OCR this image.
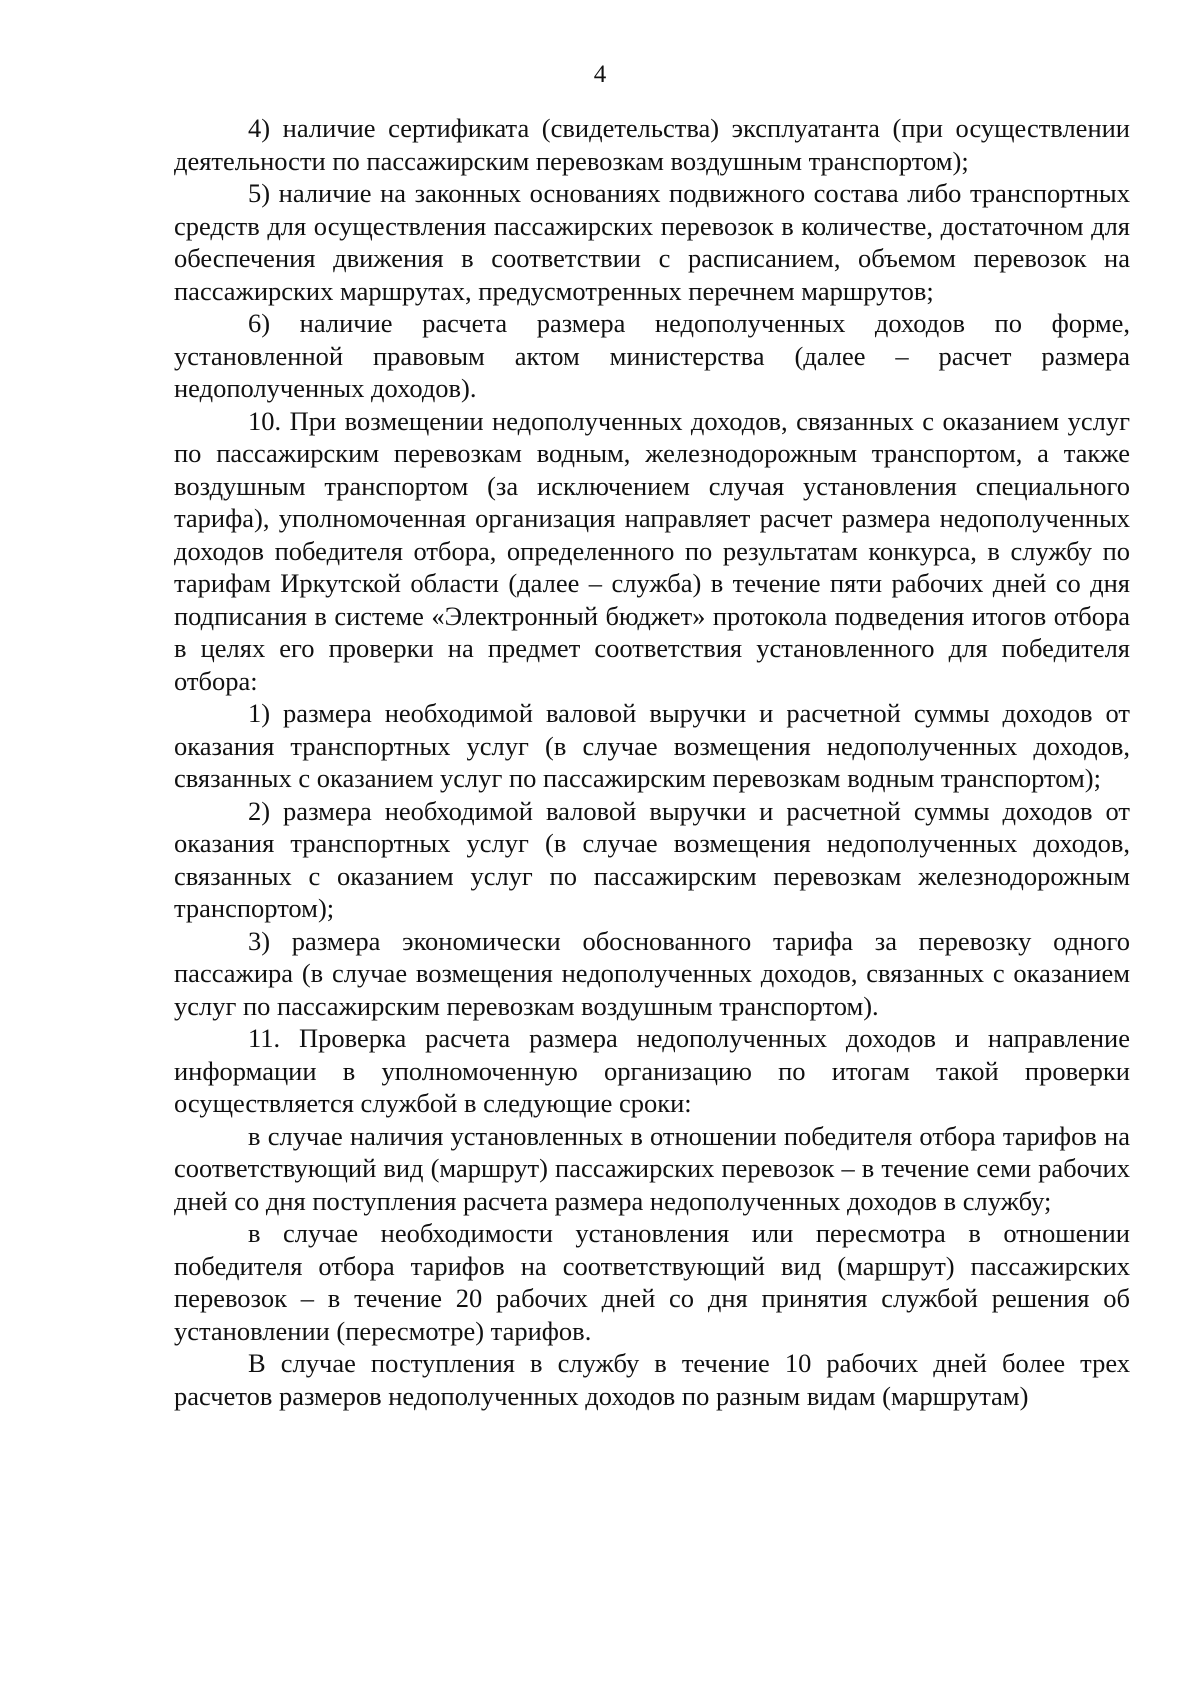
4

4) наличие сертификата (свидетельства) эксплуатанта (при осуществлении деятельности по пассажирским перевозкам воздушным транспортом);

5) наличие на законных основаниях подвижного состава либо транспортных средств для осуществления пассажирских перевозок в количестве, достаточном для обеспечения движения в соответствии с расписанием, объемом перевозок на пассажирских маршрутах, предусмотренных перечнем маршрутов;

6) наличие расчета размера недополученных доходов по форме, установленной правовым актом министерства (далее – расчет размера недополученных доходов).

10. При возмещении недополученных доходов, связанных с оказанием услуг по пассажирским перевозкам водным, железнодорожным транспортом, а также воздушным транспортом (за исключением случая установления специального тарифа), уполномоченная организация направляет расчет размера недополученных доходов победителя отбора, определенного по результатам конкурса, в службу по тарифам Иркутской области (далее – служба) в течение пяти рабочих дней со дня подписания в системе «Электронный бюджет» протокола подведения итогов отбора в целях его проверки на предмет соответствия установленного для победителя отбора:

1) размера необходимой валовой выручки и расчетной суммы доходов от оказания транспортных услуг (в случае возмещения недополученных доходов, связанных с оказанием услуг по пассажирским перевозкам водным транспортом);

2) размера необходимой валовой выручки и расчетной суммы доходов от оказания транспортных услуг (в случае возмещения недополученных доходов, связанных с оказанием услуг по пассажирским перевозкам железнодорожным транспортом);

3) размера экономически обоснованного тарифа за перевозку одного пассажира (в случае возмещения недополученных доходов, связанных с оказанием услуг по пассажирским перевозкам воздушным транспортом).

11. Проверка расчета размера недополученных доходов и направление информации в уполномоченную организацию по итогам такой проверки осуществляется службой в следующие сроки:

в случае наличия установленных в отношении победителя отбора тарифов на соответствующий вид (маршрут) пассажирских перевозок – в течение семи рабочих дней со дня поступления расчета размера недополученных доходов в службу;

в случае необходимости установления или пересмотра в отношении победителя отбора тарифов на соответствующий вид (маршрут) пассажирских перевозок – в течение 20 рабочих дней со дня принятия службой решения об установлении (пересмотре) тарифов.

В случае поступления в службу в течение 10 рабочих дней более трех расчетов размеров недополученных доходов по разным видам (маршрутам)
